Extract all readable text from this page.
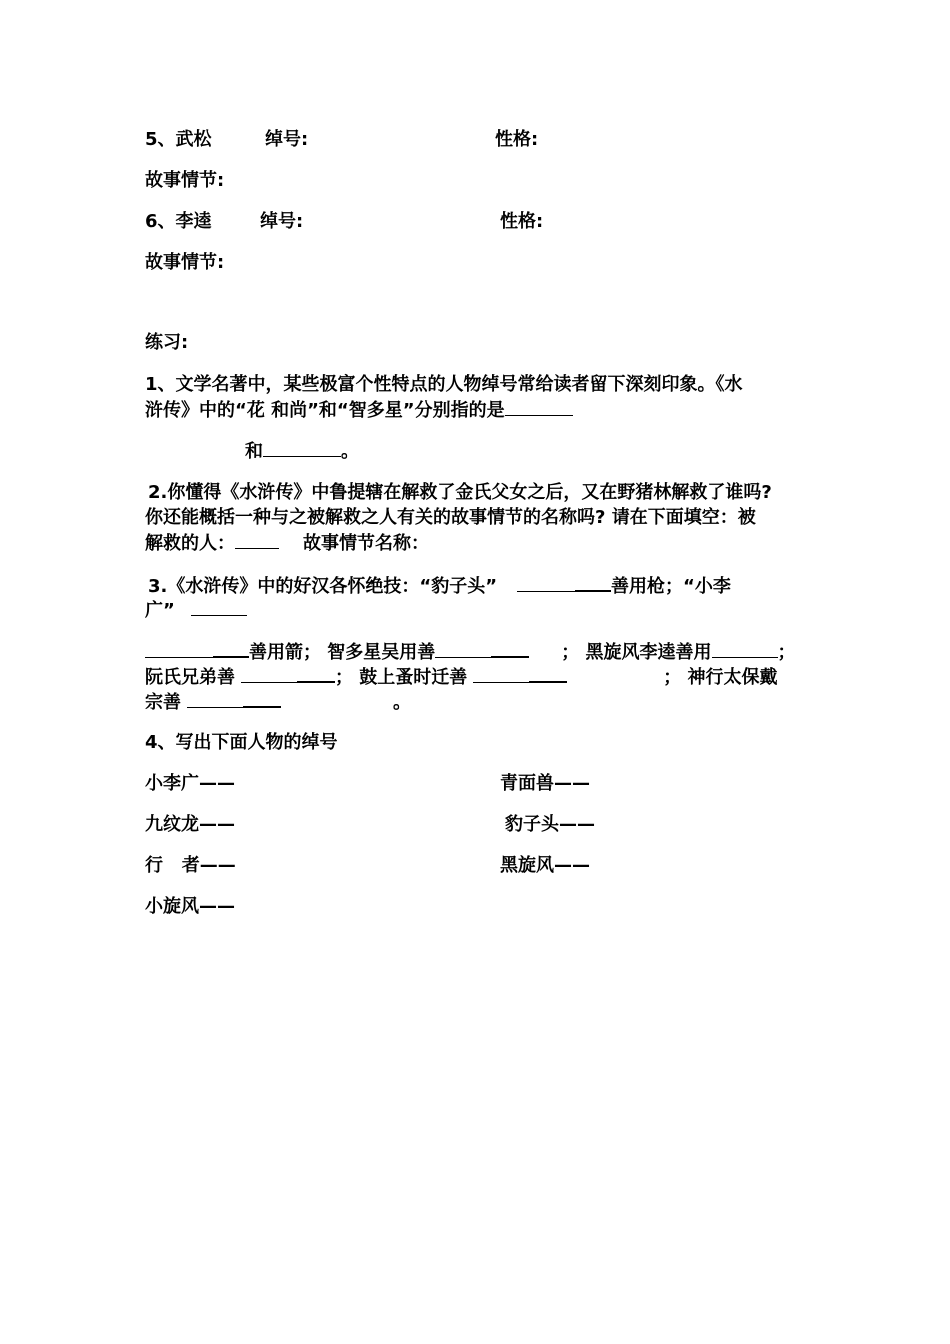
5、武松	绰号:	性格:
故事情节:
6、李逵	绰号:	性格:
故事情节:
练习:
1、文学名著中，某些极富个性特点的人物绰号常给读者留下深刻印象。《水
浒传》中的“花 和尚”和“智多星”分别指的是
和	。
2.你懂得《水浒传》中鲁提辖在解救了金氏父女之后，又在野猪林解救了谁吗?
你还能概括一种与之被解救之人有关的故事情节的名称吗? 请在下面填空：被
解救的人：	故事情节名称：
3.《水浒传》中的好汉各怀绝技：“豹子头”	善用枪；“小李
广”
善用箭； 智多星吴用善	； 黑旋风李逵善用	；
阮氏兄弟善	； 鼓上蚤时迁善	； 神行太保戴
宗善	。
4、写出下面人物的绰号
小李广——	青面兽——
九纹龙——	豹子头——
行   者——	黑旋风——
小旋风——
